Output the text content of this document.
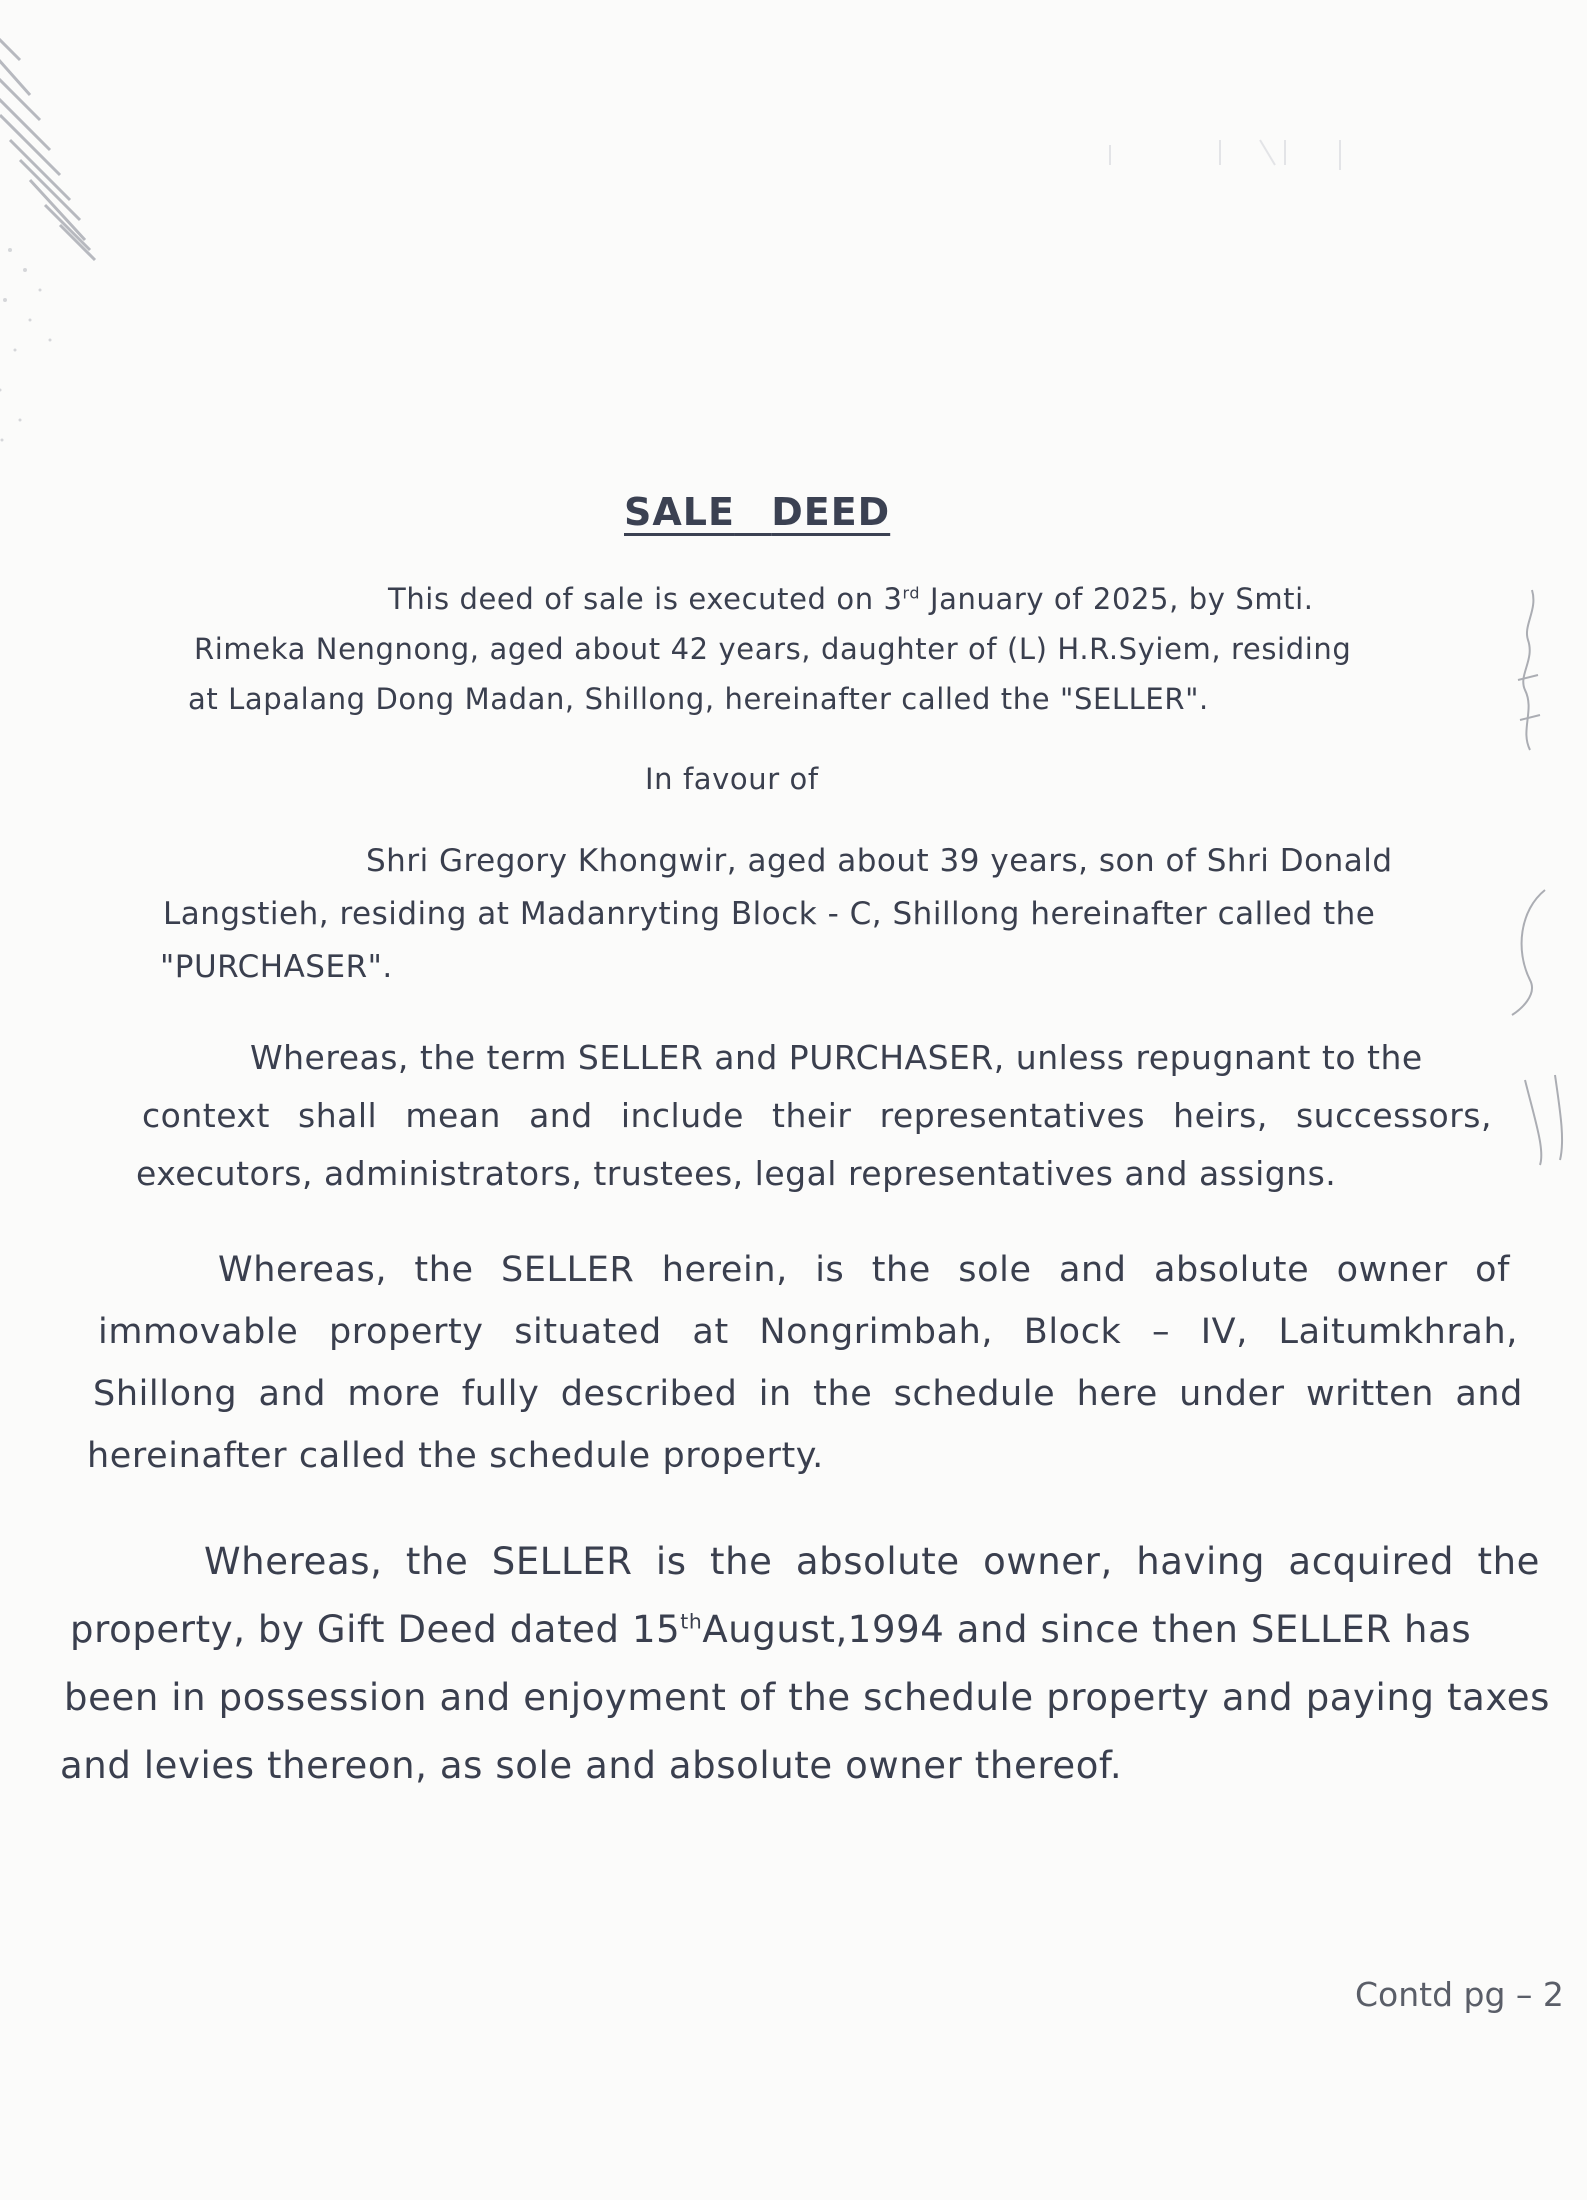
SALE DEED
This deed of sale is executed on 3rd January of 2025, by Smti.
Rimeka Nengnong, aged about 42 years, daughter of (L) H.R.Syiem, residing
at Lapalang Dong Madan, Shillong, hereinafter called the "SELLER".
In favour of
Shri Gregory Khongwir, aged about 39 years, son of Shri Donald
Langstieh, residing at Madanryting Block - C, Shillong hereinafter called the
"PURCHASER".
Whereas, the term SELLER and PURCHASER, unless repugnant to the
context shall mean and include their representatives heirs, successors,
executors, administrators, trustees, legal representatives and assigns.
Whereas, the SELLER herein, is the sole and absolute owner of
immovable property situated at Nongrimbah, Block – IV, Laitumkhrah,
Shillong and more fully described in the schedule here under written and
hereinafter called the schedule property.
Whereas, the SELLER is the absolute owner, having acquired the
property, by Gift Deed dated 15thAugust,1994 and since then SELLER has
been in possession and enjoyment of the schedule property and paying taxes
and levies thereon, as sole and absolute owner thereof.
Contd pg – 2
